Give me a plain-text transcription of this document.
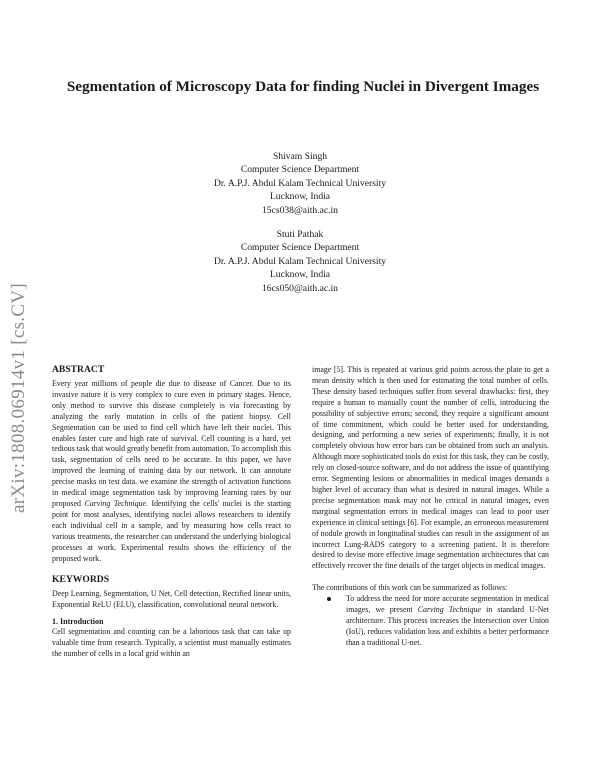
arXiv:1808.06914v1 [cs.CV]
Segmentation of Microscopy Data for finding Nuclei in Divergent Images
Shivam Singh
Computer Science Department
Dr. A.P.J. Abdul Kalam Technical University
Lucknow, India
15cs038@aith.ac.in
Stuti Pathak
Computer Science Department
Dr. A.P.J. Abdul Kalam Technical University
Lucknow, India
16cs050@aith.ac.in
ABSTRACT

Every year millions of people die due to disease of Cancer. Due to its invasive nature it is very complex to cure even in primary stages. Hence, only method to survive this disease completely is via forecasting by analyzing the early mutation in cells of the patient biopsy. Cell Segmentation can be used to find cell which have left their nuclei. This enables faster cure and high rate of survival. Cell counting is a hard, yet tedious task that would greatly benefit from automation. To accomplish this task, segmentation of cells need to be accurate. In this paper, we have improved the learning of training data by our network. It can annotate precise masks on test data. we examine the strength of activation functions in medical image segmentation task by improving learning rates by our proposed Carving Technique. Identifying the cells' nuclei is the starting point for most analyses, identifying nuclei allows researchers to identify each individual cell in a sample, and by measuring how cells react to various treatments, the researcher can understand the underlying biological processes at work. Experimental results shows the efficiency of the proposed work.

KEYWORDS

Deep Learning, Segmentation, U Net, Cell detection, Rectified linear units, Exponential ReLU (ELU), classification, convolutional neural network.

1. Introduction

Cell segmentation and counting can be a laborious task that can take up valuable time from research. Typically, a scientist must manually estimates the number of cells in a local grid within an

image [5]. This is repeated at various grid points across the plate to get a mean density which is then used for estimating the total number of cells. These density based techniques suffer from several drawbacks: first, they require a human to manually count the number of cells, introducing the possibility of subjective errors; second, they require a significant amount of time commitment, which could be better used for understanding, designing, and performing a new series of experiments; finally, it is not completely obvious how error bars can be obtained from such an analysis. Although more sophisticated tools do exist for this task, they can be costly, rely on closed-source software, and do not address the issue of quantifying error. Segmenting lesions or abnormalities in medical images demands a higher level of accuracy than what is desired in natural images. While a precise segmentation mask may not be critical in natural images, even marginal segmentation errors in medical images can lead to poor user experience in clinical settings [6]. For example, an erroneous measurement of nodule growth in longitudinal studies can result in the assignment of an incorrect Lung-RADS category to a screening patient. It is therefore desired to devise more effective image segmentation architectures that can effectively recover the fine details of the target objects in medical images.

The contributions of this work can be summarized as follows:

To address the need for more accurate segmentation in medical images, we present Carving Technique in standard U-Net architecture. This process increases the Intersection over Union (IoU), reduces validation loss and exhibits a better performance than a traditional U-net.
